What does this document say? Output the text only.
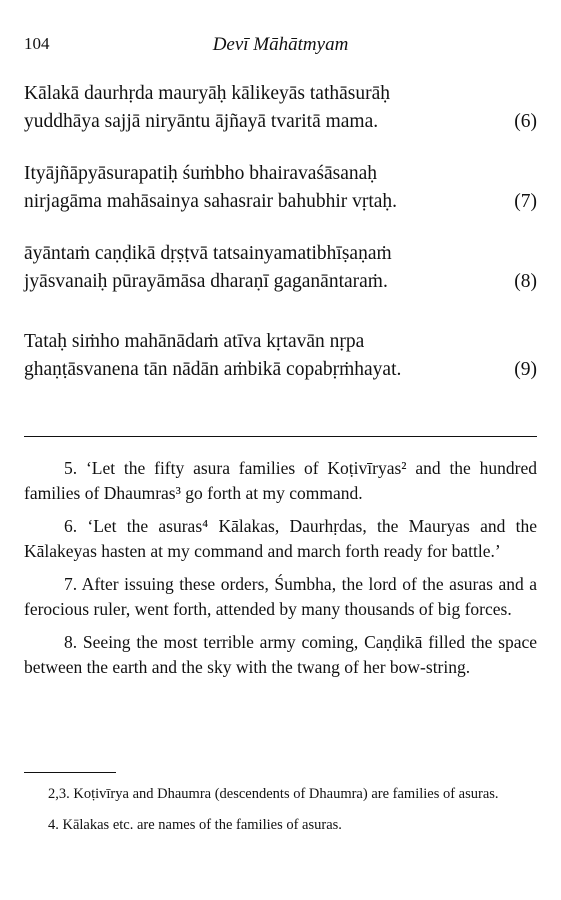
104	Devī Māhātmyam
Kālakā daurhṛda mauryāḥ kālikeyās tathāsurāḥ
yuddhāya sajjā niryāntu ājñayā tvaritā mama.	(6)
Ityājñāpyāsurapatiḥ śuṁbho bhairavaśāsanaḥ
nirjagāma mahāsainya sahasrair bahubhir vṛtaḥ.	(7)
āyāntaṁ caṇḍikā dṛṣṭvā tatsainyamatibhīṣaṇaṁ
jyāsvanaiḥ pūrayāmāsa dharaṇī gaganāntaraṁ.	(8)
Tataḥ siṁho mahānādaṁ atīva kṛtavān nṛpa
ghaṇṭāsvanena tān nādān aṁbikā copabṛṁhayat.	(9)

5. ‘Let the fifty asura families of Koṭivīryas² and the hundred families of Dhaumras³ go forth at my command.

6. ‘Let the asuras⁴ Kālakas, Daurhṛdas, the Mauryas and the Kālakeyas hasten at my command and march forth ready for battle.’

7. After issuing these orders, Śumbha, the lord of the asuras and a ferocious ruler, went forth, attended by many thousands of big forces.

8. Seeing the most terrible army coming, Caṇḍikā filled the space between the earth and the sky with the twang of her bow-string.

2,3. Koṭivīrya and Dhaumra (descendents of Dhaumra) are families of asuras.

4. Kālakas etc. are names of the families of asuras.
